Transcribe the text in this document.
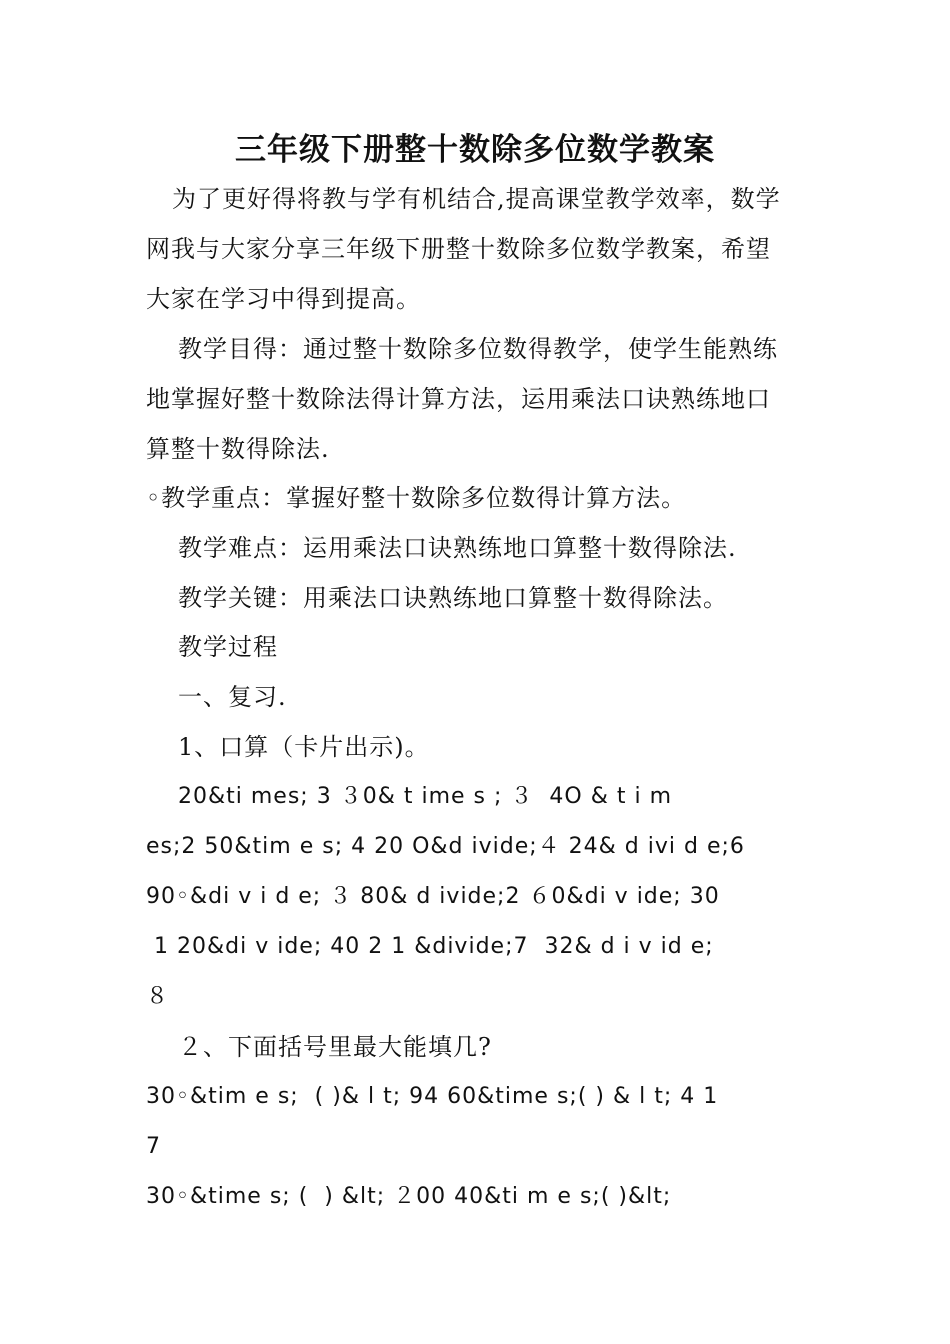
三年级下册整十数除多位数学教案
为了更好得将教与学有机结合,提高课堂教学效率，数学
网我与大家分享三年级下册整十数除多位数学教案，希望
大家在学习中得到提高。
教学目得：通过整十数除多位数得教学，使学生能熟练
地掌握好整十数除法得计算方法，运用乘法口诀熟练地口
算整十数得除法.
◦教学重点：掌握好整十数除多位数得计算方法。
教学难点：运用乘法口诀熟练地口算整十数得除法.
教学关键：用乘法口诀熟练地口算整十数得除法。
教学过程
一、复习.
1、口算（卡片出示)。
20&ti mes; 3 ３0& t ime s ; ３  4O & t i m
es;2 50&tim e s; 4 20 O&d ivide;４ 24& d ivi d e;6
90◦&di v i d e; ３ 80& d ivide;2 ６0&di v ide; 30
1 20&di v ide; 40 2 1 &divide;7  32& d i v id e;
８
２、下面括号里最大能填几?
30◦&tim e s;  ( )& l t; 94 60&time s;( ) & l t; 4 1
7
30◦&time s; (  ) &lt; ２00 40&ti m e s;( )&lt;
